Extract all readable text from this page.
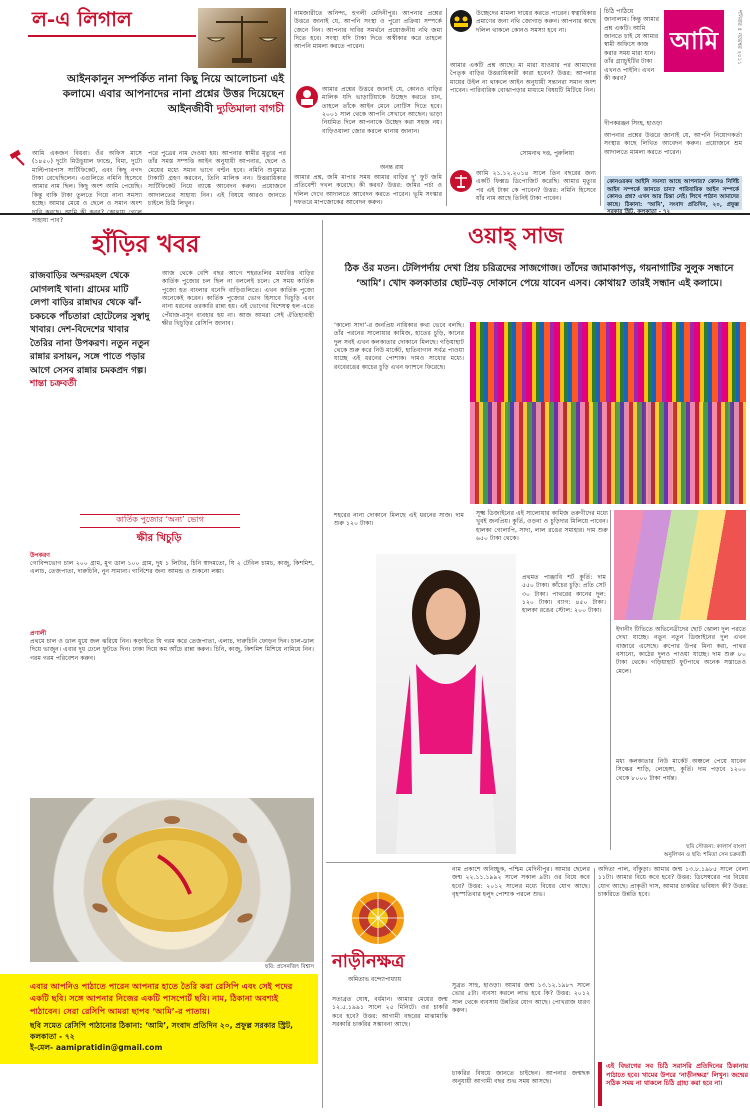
ল-এ লিগাল
আইনকানুন সম্পর্কিত নানা কিছু নিয়ে আলোচনা এই কলামে। এবার আপনাদের নানা প্রশ্নের উত্তর দিয়েছেন আইনজীবী দ্যুতিমালা বাগচী
আমি একজন বিধবা। ওঁর অফিস মাসে (১৪৫০) দুটো মিউচুয়াল ফান্ডে, বিমা, দুটো মাল্টিপারপাস সার্টিফিকেট, এবং কিছু নগদ টাকা রেখেছিলেন। এগুলিতে নমিনি হিসেবে আমার নাম ছিল। কিছু অংশ আমি পেয়েছি। কিন্তু বাকি টাকা তুলতে গিয়ে নানা সমস্যা হচ্ছে। আমার মেয়ে ও ছেলে ও সমান অংশ সাহায্য পাব?
পরে পুত্রের নাম দেওয়া হয়। আপনার স্বামীর মৃত্যুর পর তাঁর সমস্ত সম্পত্তি আইন অনুযায়ী আপনার, ছেলে ও মেয়ের মধ্যে সমান ভাগে বণ্টন হবে। নমিনি শুধুমাত্র টাকাটি গ্রহণ করবেন, তিনি মালিক নন। উত্তরাধিকার সার্টিফিকেট নিয়ে ব্যাঙ্কে আবেদন করুন। প্রয়োজনে আদালতের সাহায্য নিন। এই বিষয়ে আরও জানতে চাইলে চিঠি লিখুন।
নামজারীতে অনিন্দ্য, হুগলী মেদিনীপুর। আপনার প্রশ্নের উত্তরে জানাই যে, আপনি সংস্থা ও পুরো প্রক্রিয়া সম্পর্কে জেনে নিন। আপনার দাবির সমর্থনে প্রয়োজনীয় নথি জমা দিতে হবে। সংস্থা যদি টাকা দিতে অস্বীকার করে তাহলে আপনি মামলা করতে পারেন।
আমার প্রশ্নের উত্তরে জানাই যে, কোনও বাড়ির মালিক যদি ভাড়াটিয়াকে উচ্ছেদ করতে চান, তাহলে তাঁকে আইন মেনে নোটিস দিতে হবে। ২০০১ সাল থেকে আপনি সেখানে আছেন। ভাড়া নিয়মিত দিলে আপনাকে উচ্ছেদ করা সহজ নয়। বাড়িওয়ালা জোর করলে থানায় জানান।
অনন্ত রায়
আমার প্রশ্ন, জমি মাপার সময় আমার বাড়ির দু’ ফুট জমি প্রতিবেশী দখল করেছে। কী করব? উত্তর: জমির পর্চা ও দলিল দেখে আদালতে আবেদন করতে পারেন। ভূমি সংস্কার দফতরে মাপজোকের আবেদন করুন।
উচ্ছেদের মামলা দায়ের করতে পারেন। স্বত্বাধিকার প্রমাণের জন্য নথি জোগাড় করুন। আপনার কাছে দলিল থাকলে কোনও সমস্যা হবে না।
আমার একটি প্রশ্ন আছে। মা মারা যাওয়ার পর আমাদের পৈতৃক বাড়ির উত্তরাধিকারী কারা হবেন? উত্তর: আপনার মায়ের উইল না থাকলে আইন অনুযায়ী সন্তানরা সমান অংশ পাবেন। পারিবারিক বোঝাপড়ার মাধ্যমে বিষয়টি মিটিয়ে নিন।
সোমনাথ দত্ত, পুরুলিয়া
আমি ২১.১২.২০১৪ সালে তিন বছরের জন্য একটি ফিক্সড ডিপোজিট করেছি। আমার মৃত্যুর পর এই টাকা কে পাবেন? উত্তর: নমিনি হিসেবে যাঁর নাম আছে তিনিই টাকা পাবেন।
চিঠি পাঠিয়ে জানালাম। কিন্তু আমার প্রশ্ন একটি। আমি জানতে চাই যে আমার স্বামী অফিসে কাজ করার সময় মারা যান। তাঁর গ্র্যাচুইটির টাকা এখনও পাইনি। এখন কী করব?
দীপকরঞ্জন সিংহ, হাওড়া
আমি	শনিবার ৫ নভেম্বর ২০১১
আপনার প্রশ্নের উত্তরে জানাই যে, আপনি নিয়োগকর্তা সংস্থার কাছে লিখিত আবেদন করুন। প্রয়োজনে শ্রম আদালতে মামলা করতে পারেন।
কোনওরকম আইনি সমস্যা আছে আপনার? কোনও নির্দিষ্ট আইন সম্পর্কে জানতে চান? পারিবারিক আইন সম্পর্কে কোনও প্রশ্ন? এখন আর চিন্তা নেই। লিখে পাঠান আমাদের কাছে। ঠিকানা: ‘আমি’, সংবাদ প্রতিদিন, ২০, প্রফুল্ল
হাঁড়ির খবর
রাজবাড়ির অন্দরমহল থেকে মোগলাই খানা। গ্রামের মাটি লেপা বাড়ির রান্নাঘর থেকে ঝাঁ-চকচকে পাঁচতারা হোটেলের সুস্বাদু খাবার। দেশ-বিদেশের খাবার তৈরির নানা উপকরণ। নতুন নতুন রান্নার রসায়ন, সঙ্গে পাতে পড়ার আগে সেসব রান্নার চমকপ্রদ গল্প। শান্তা চক্রবর্তী
আজ থেকে বেশি বছর আগে শহরতলির মধ্যবিত্ত বাড়ির কার্তিক পুজোর চল ছিল না বললেই চলে। সে সময় কার্তিক পুজো হত বাংলার বনেদি বাড়িগুলিতে। এখন কার্তিক পুজো অনেকেই করেন। কার্তিক পুজোর ভোগ হিসাবে খিচুড়ি এবং নানা ধরনের তরকারি রান্না হয়। এই ভোগের বিশেষত্ব হল এতে পেঁয়াজ-রসুন ব্যবহার হয় না। আজ আমরা সেই ঐতিহ্যবাহী ক্ষীর খিচুড়ির রেসিপি জানাব।
কার্তিক পুজোর ‘অন্য’ ভোগ
ক্ষীর খিচুড়ি
উপকরণ
গোবিন্দভোগ চাল ২০০ গ্রাম, মুগ ডাল ১০০ গ্রাম, দুধ ১ লিটার, চিনি স্বাদমতো, ঘি ২ টেবিল চামচ, কাজু, কিশমিশ, এলাচ, তেজপাতা, দারুচিনি, নুন সামান্য। গার্নিশের জন্য আমন্ড ও শুকনো লঙ্কা।
প্রণালী
প্রথমে চাল ও ডাল ধুয়ে জল ঝরিয়ে নিন। কড়াইতে ঘি গরম করে তেজপাতা, এলাচ, দারুচিনি ফোড়ন দিন। চাল-ডাল দিয়ে ভাজুন। এবার দুধ ঢেলে ফুটতে দিন। ঢাকা দিয়ে কম আঁচে রান্না করুন। চিনি, কাজু, কিশমিশ মিশিয়ে নামিয়ে নিন। গরম গরম পরিবেশন করুন।
ছবি: প্রসেনজিৎ বিশ্বাস
এবার আপনিও পাঠাতে পারেন আপনার হাতে তৈরি করা রেসিপি এবং সেই পদের একটি ছবি। সঙ্গে আপনার নিজের একটি পাসপোর্ট ছবি। নাম, ঠিকানা অবশ্যই পাঠাবেন। সেরা রেসিপি আমরা ছাপব ‘আমি’-র পাতায়।
ছবি সমেত রেসিপি পাঠানোর ঠিকানা: ‘আমি’, সংবাদ প্রতিদিন ২০, প্রফুল্ল সরকার স্ট্রিট, কলকাতা - ৭২
ই-মেল- aamipratidin@gmail.com
ওয়াহ্ সাজ
ঠিক ওঁর মতন। টেলিপর্দায় দেখা প্রিয় চরিত্রদের সাজগোজ। তাঁদের জামাকাপড়, গয়নাগাটির সুলুক সন্ধানে ‘আমি’। খোদ কলকাতার ছোট-বড় দোকানে পেয়ে যাবেন এসব। কোথায়? তারই সন্ধান এই কলামে।
‘কালো সাদা’-র জনপ্রিয় নায়িকার কথা ভেবে বলছি। তাঁর পরনের সালোয়ার কামিজ, হাতের চুড়ি, কানের দুল সবই এখন কলকাতার দোকানে মিলছে। গড়িয়াহাট থেকে শুরু করে নিউ মার্কেট, হাতিবাগান সর্বত্র পাওয়া যাচ্ছে এই ধরনের পোশাক। দামও সাধ্যের মধ্যে। রংবেরঙের কাচের চুড়ি এখন ফ্যাশনে ফিরেছে।
সূক্ষ্ম ডিজাইনের এই সালোয়ার কামিজ তরুণীদের মধ্যে খুবই জনপ্রিয়। কুর্তি, ওড়না ও চুড়িদার মিলিয়ে পাবেন। হালকা গোলাপি, সাদা, লাল রঙের সমাহার। দাম শুরু ৬৫০ টাকা থেকে।
শহরের নানা দোকানে মিলছে এই ধরনের সাজ। দাম শুরু ১২০ টাকা।
প্রথমত পাঞ্জাবি শর্ট কুর্তি: দাম ৫৫০ টাকা। কাঁচের চুড়ি: প্রতি সেট ৩০ টাকা। পাথরের কানের দুল: ১২০ টাকা। ব্যাগ: ৪৫০ টাকা। হালকা রঙের স্টোল: ২০০ টাকা।
ইদানীং টিভিতে অভিনেত্রীদের ছোট ঝোলা দুল পরতে দেখা যাচ্ছে। নতুন নতুন ডিজাইনের দুল এখন বাজারে এসেছে। রুপোর উপর মিনা করা, পাথর বসানো, কাঠের দুলও পাওয়া যাচ্ছে। দাম শুরু ৮০ টাকা থেকে। গড়িয়াহাট ফুটপাথে অনেক সস্তাতেও মেলে।
মধ্য কলকাতার নিউ মার্কেট অঞ্চলে পেয়ে যাবেন সিল্কের শাড়ি, লেহেঙ্গা, কুর্তি। দাম পড়বে ১২০০ থেকে ৮০০০ টাকা পর্যন্ত।
ছবি সৌজন্য: কালার্স বাংলা
অনুলিখন ও ছবি: শমিতা সেন চক্রবর্তী
নাড়ীনক্ষত্র
অমিতাভ বন্দ্যোপাধ্যায়
নাম প্রকাশে অনিচ্ছুক, পশ্চিম মেদিনীপুর। আমার ছেলের জন্ম ২২.১১.১৯৯২ সালে সকাল ৯টা। ওর বিয়ে কবে হবে? উত্তর: ২০১২ সালের মধ্যে বিয়ের যোগ আছে। বৃহস্পতিবার হলুদ পোশাক পরলে শুভ।
সত্যব্রত ঘোষ, বর্ধমান। আমার মেয়ের জন্ম ১২.৫.১৯৯১ সালে ২৫ মিনিটে। ওর চাকরি কবে হবে? উত্তর: আগামী বছরের মাঝামাঝি সরকারি চাকরির সম্ভাবনা আছে।
সুব্রত সাহু, হাওড়া। আমার জন্ম ১৩.১২.১৯৮৭ সালে ভোর ৫টা। ব্যবসা করলে লাভ হবে কি? উত্তর: ২০১২ সাল থেকে ব্যবসায় উন্নতির যোগ আছে। পোখরাজ ধারণ করুন।
চাকরির বিষয়ে জানতে চাইছেন। আপনার জন্মছক অনুযায়ী আগামী বছর শুভ সময় আসছে।
অদিতা পাল, বাঁকুড়া। আমার জন্ম ১৩.৮.১৯৮৫ সালে বেলা ১১টা। আমার বিয়ে কবে হবে? উত্তর: ডিসেম্বরের পর বিয়ের যোগ আছে। প্রাকৃতী দাস, আমার চাকরির ভবিষ্যৎ কী? উত্তর: চাকরিতে উন্নতি হবে।
এই বিভাগের সব চিঠি সরাসরি প্রতিদিনের ঠিকানায় পাঠাতে হবে। খামের উপরে ‘নাড়ীনক্ষত্র’ লিখুন। জন্মের সঠিক সময় না থাকলে চিঠি গ্রাহ্য করা হবে না।
